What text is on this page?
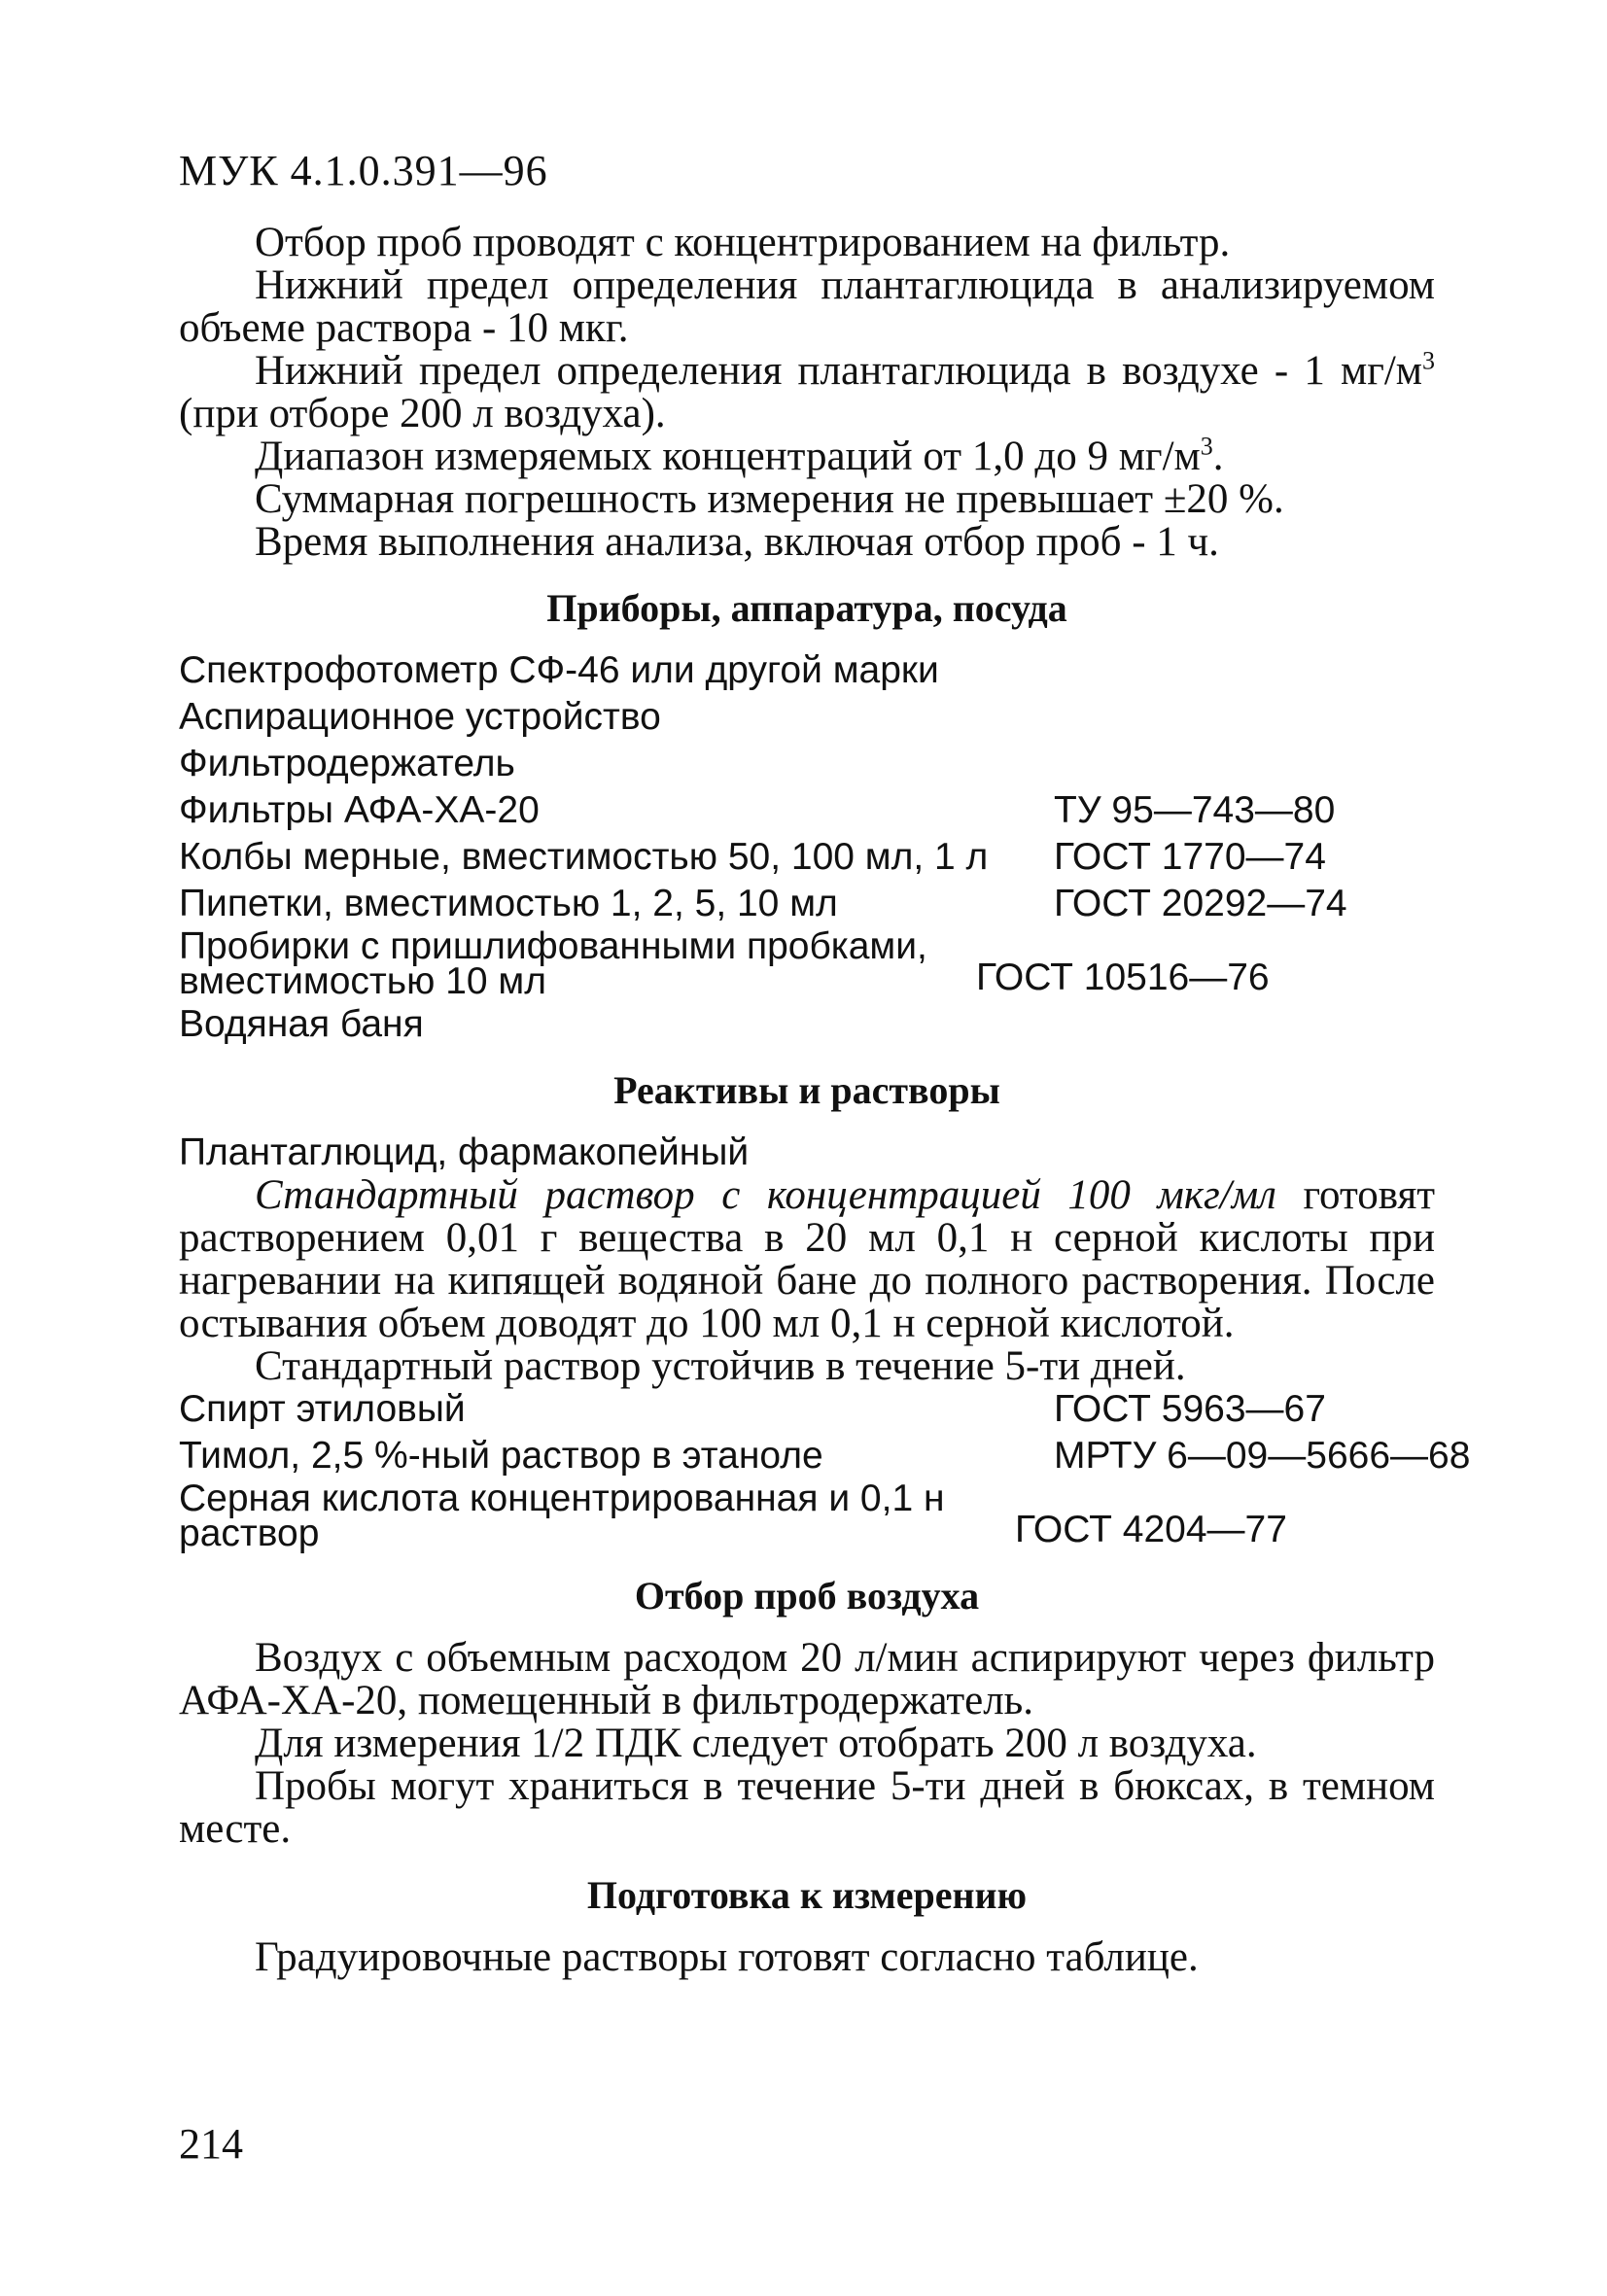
МУК 4.1.0.391—96

Отбор проб проводят с концентрированием на фильтр.

Нижний предел определения плантаглюцида в анализируемом объеме раствора - 10 мкг.

Нижний предел определения плантаглюцида в воздухе - 1 $мг/м^3$ (при отборе 200 л воздуха).

Диапазон измеряемых концентраций от 1,0 до 9 $мг/м^3$.

Суммарная погрешность измерения не превышает ±20 %.

Время выполнения анализа, включая отбор проб - 1 ч.

Приборы, аппаратура, посуда
Спектрофотометр СФ-46 или другой марки
Аспирационное устройство
Фильтродержатель
Фильтры АФА-ХА-20	ТУ 95—743—80
Колбы мерные, вместимостью 50, 100 мл, 1 л	ГОСТ 1770—74
Пипетки, вместимостью 1, 2, 5, 10 мл	ГОСТ 20292—74
Пробирки с пришлифованными пробками, вместимостью 10 мл	ГОСТ 10516—76
Водяная баня
Реактивы и растворы
Плантаглюцид, фармакопейный

Стандартный раствор с концентрацией 100 мкг/мл готовят растворением 0,01 г вещества в 20 мл 0,1 н серной кислоты при нагревании на кипящей водяной бане до полного растворения. После остывания объем доводят до 100 мл 0,1 н серной кислотой.

Стандартный раствор устойчив в течение 5-ти дней.

Спирт этиловый	ГОСТ 5963—67
Тимол, 2,5 %-ный раствор в этаноле	МРТУ 6—09—5666—68
Серная кислота концентрированная и 0,1 н раствор	ГОСТ 4204—77
Отбор проб воздуха

Воздух с объемным расходом 20 л/мин аспирируют через фильтр АФА-ХА-20, помещенный в фильтродержатель.

Для измерения 1/2 ПДК следует отобрать 200 л воздуха.

Пробы могут храниться в течение 5-ти дней в бюксах, в темном месте.

Подготовка к измерению

Градуировочные растворы готовят согласно таблице.

214
